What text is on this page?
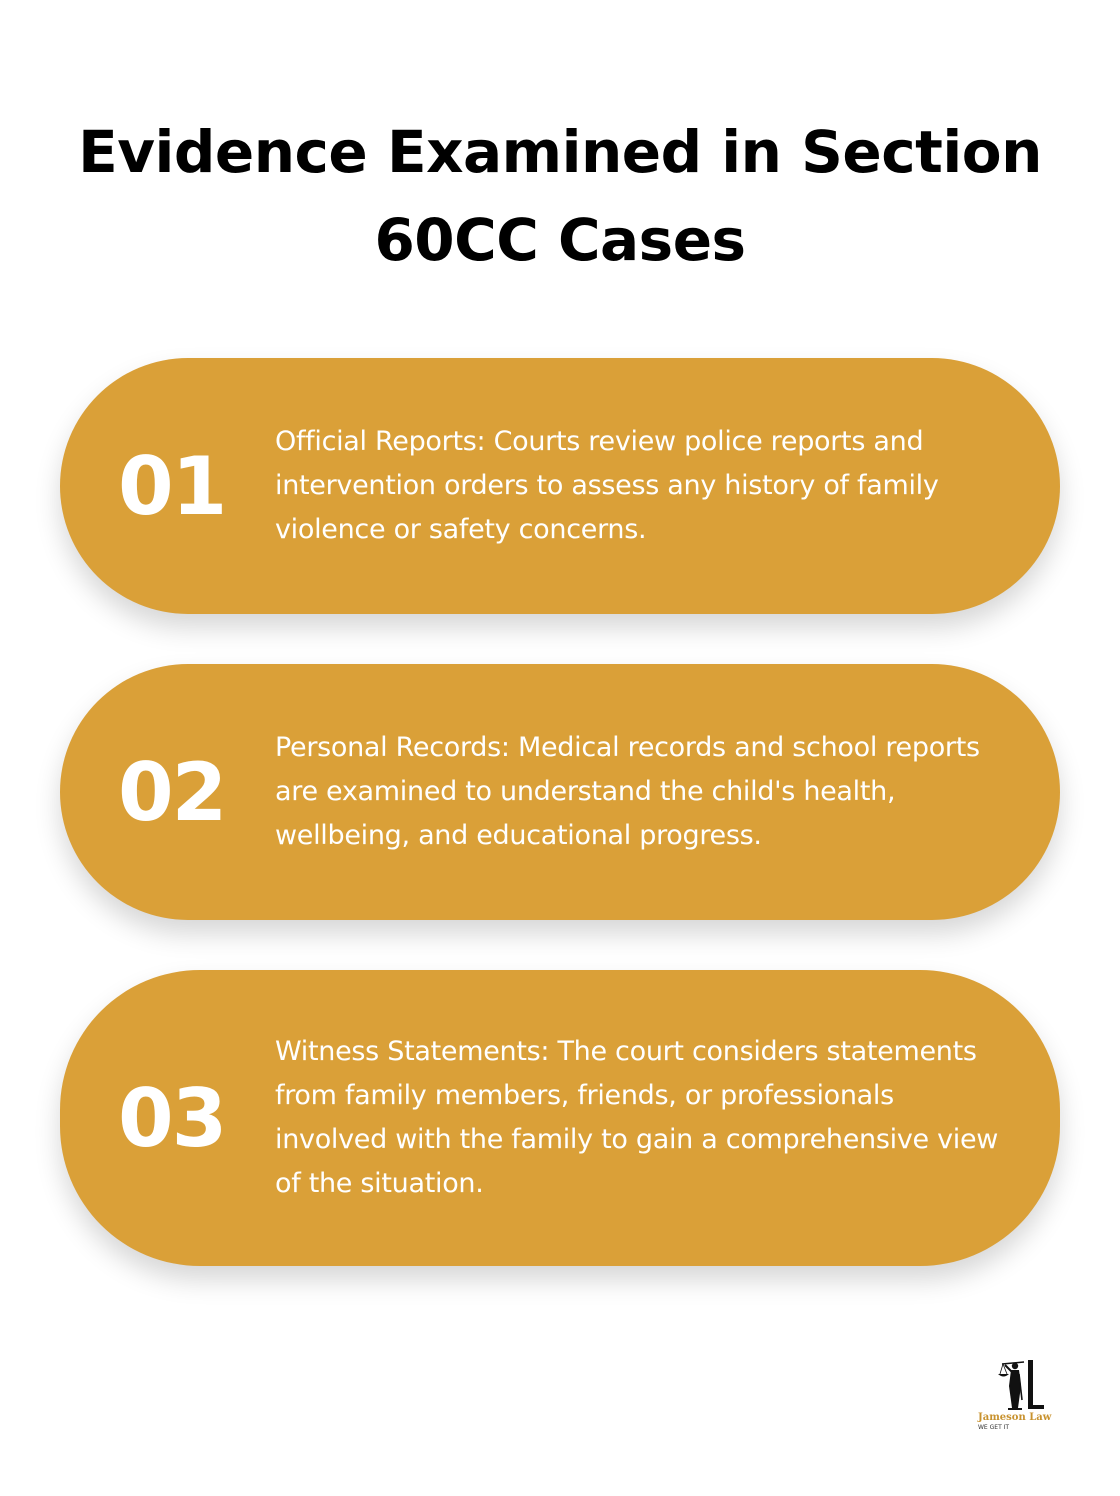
Evidence Examined in Section 60CC Cases
01	Official Reports: Courts review police reports and intervention orders to assess any history of family violence or safety concerns.
02	Personal Records: Medical records and school reports are examined to understand the child's health, wellbeing, and educational progress.
03
Witness Statements: The court considers statements from family members, friends, or professionals involved with the family to gain a comprehensive view of the situation.
Jameson Law
WE GET IT
